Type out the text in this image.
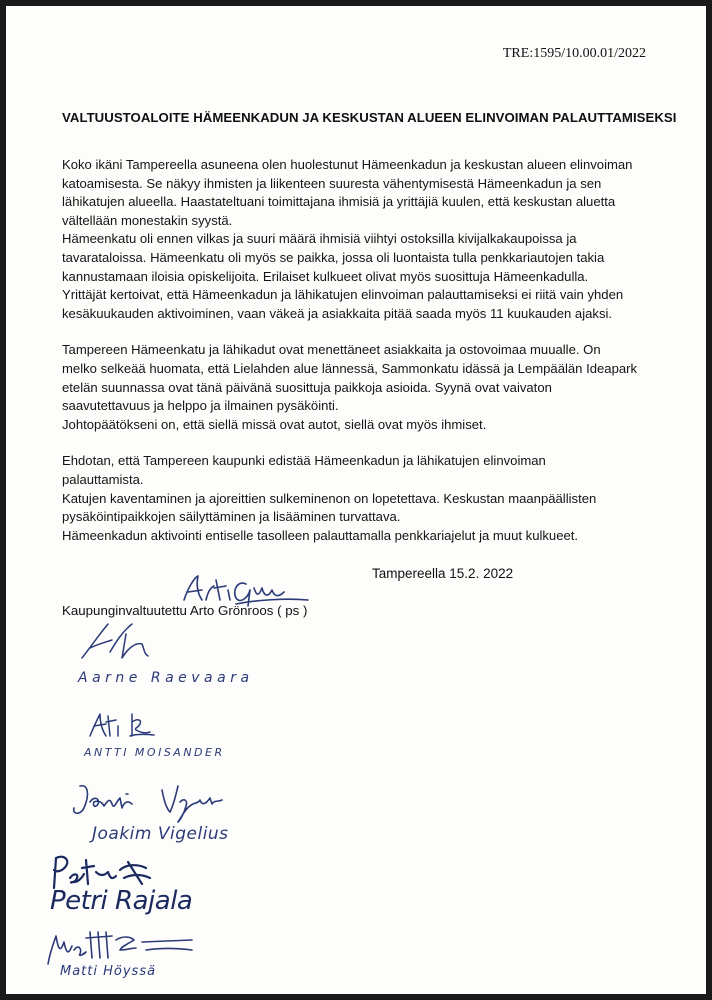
TRE:1595/10.00.01/2022
VALTUUSTOALOITE HÄMEENKADUN JA KESKUSTAN ALUEEN ELINVOIMAN PALAUTTAMISEKSI

Koko ikäni Tampereella asuneena olen huolestunut Hämeenkadun ja keskustan alueen elinvoiman
katoamisesta. Se näkyy ihmisten ja liikenteen suuresta vähentymisestä Hämeenkadun ja sen
lähikatujen alueella. Haastateltuani toimittajana ihmisiä ja yrittäjiä kuulen, että keskustan aluetta
vältellään monestakin syystä.
Hämeenkatu oli ennen vilkas ja suuri määrä ihmisiä viihtyi ostoksilla kivijalkakaupoissa ja
tavarataloissa. Hämeenkatu oli myös se paikka, jossa oli luontaista tulla penkkariautojen takia
kannustamaan iloisia opiskelijoita. Erilaiset kulkueet olivat myös suosittuja Hämeenkadulla.
Yrittäjät kertoivat, että Hämeenkadun ja lähikatujen elinvoiman palauttamiseksi ei riitä vain yhden
kesäkuukauden aktivoiminen, vaan väkeä ja asiakkaita pitää saada myös 11 kuukauden ajaksi.

Tampereen Hämeenkatu ja lähikadut ovat menettäneet asiakkaita ja ostovoimaa muualle. On
melko selkeää huomata, että Lielahden alue lännessä, Sammonkatu idässä ja Lempäälän Ideapark
etelän suunnassa ovat tänä päivänä suosittuja paikkoja asioida. Syynä ovat vaivaton
saavutettavuus ja helppo ja ilmainen pysäköinti.
Johtopäätökseni on, että siellä missä ovat autot, siellä ovat myös ihmiset.

Ehdotan, että Tampereen kaupunki edistää Hämeenkadun ja lähikatujen elinvoiman
palauttamista.
Katujen kaventaminen ja ajoreittien sulkeminenon on lopetettava. Keskustan maanpäällisten
pysäköintipaikkojen säilyttäminen ja lisääminen turvattava.
Hämeenkadun aktivointi entiselle tasolleen palauttamalla penkkariajelut ja muut kulkueet.

Tampereella 15.2. 2022
Kaupunginvaltuutettu Arto Grönroos ( ps )
Aarne Raevaara
ANTTI MOISANDER
Joakim Vigelius
Petri Rajala
Matti Höyssä
